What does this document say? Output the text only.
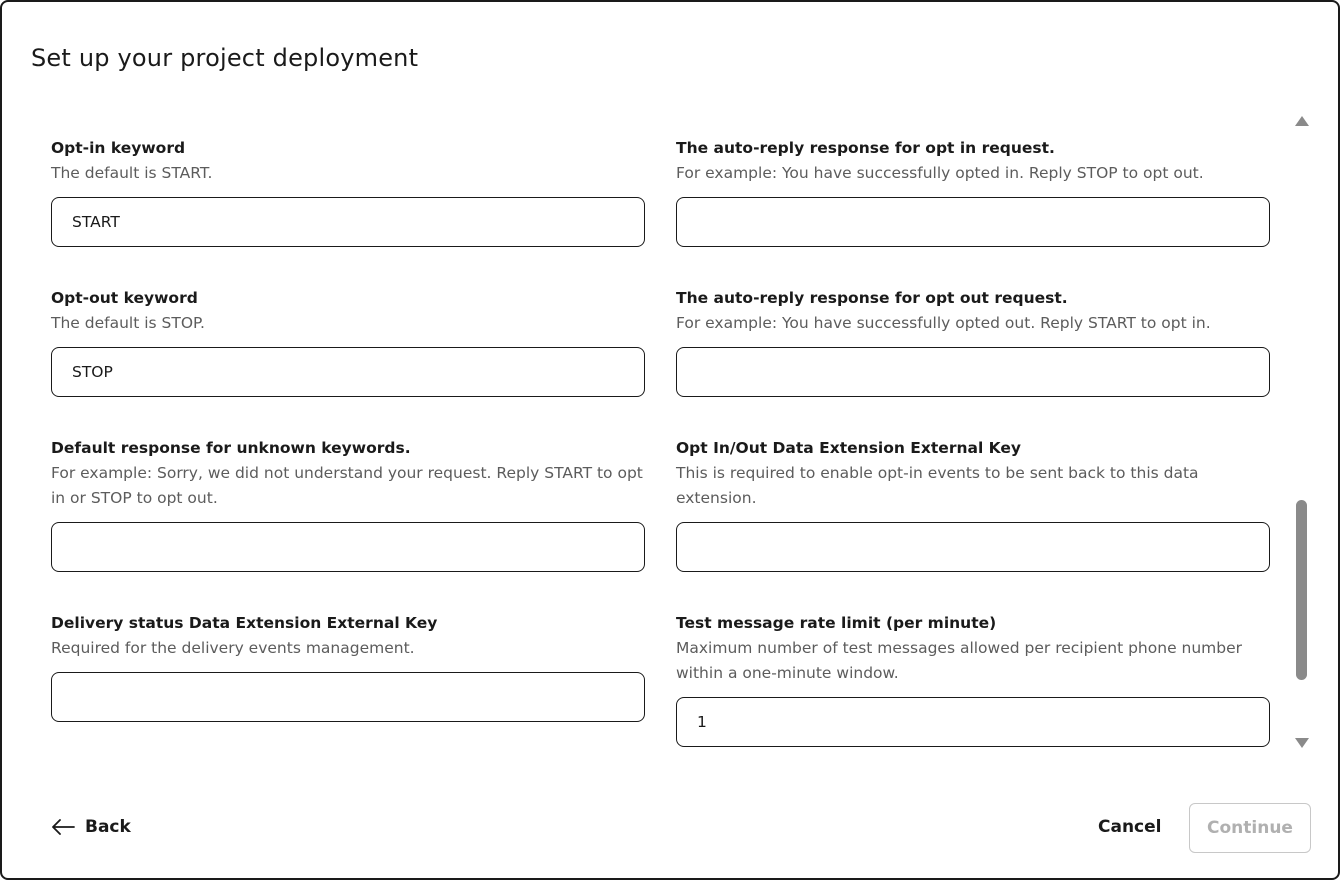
Set up your project deployment
Opt-in keyword
The default is START.
START
The auto-reply response for opt in request.
For example: You have successfully opted in. Reply STOP to opt out.
Opt-out keyword
The default is STOP.
STOP
The auto-reply response for opt out request.
For example: You have successfully opted out. Reply START to opt in.
Default response for unknown keywords.
For example: Sorry, we did not understand your request. Reply START to opt in or STOP to opt out.
Opt In/Out Data Extension External Key
This is required to enable opt-in events to be sent back to this data extension.
Delivery status Data Extension External Key
Required for the delivery events management.
Test message rate limit (per minute)
Maximum number of test messages allowed per recipient phone number within a one-minute window.
1
Back	Cancel	Continue
